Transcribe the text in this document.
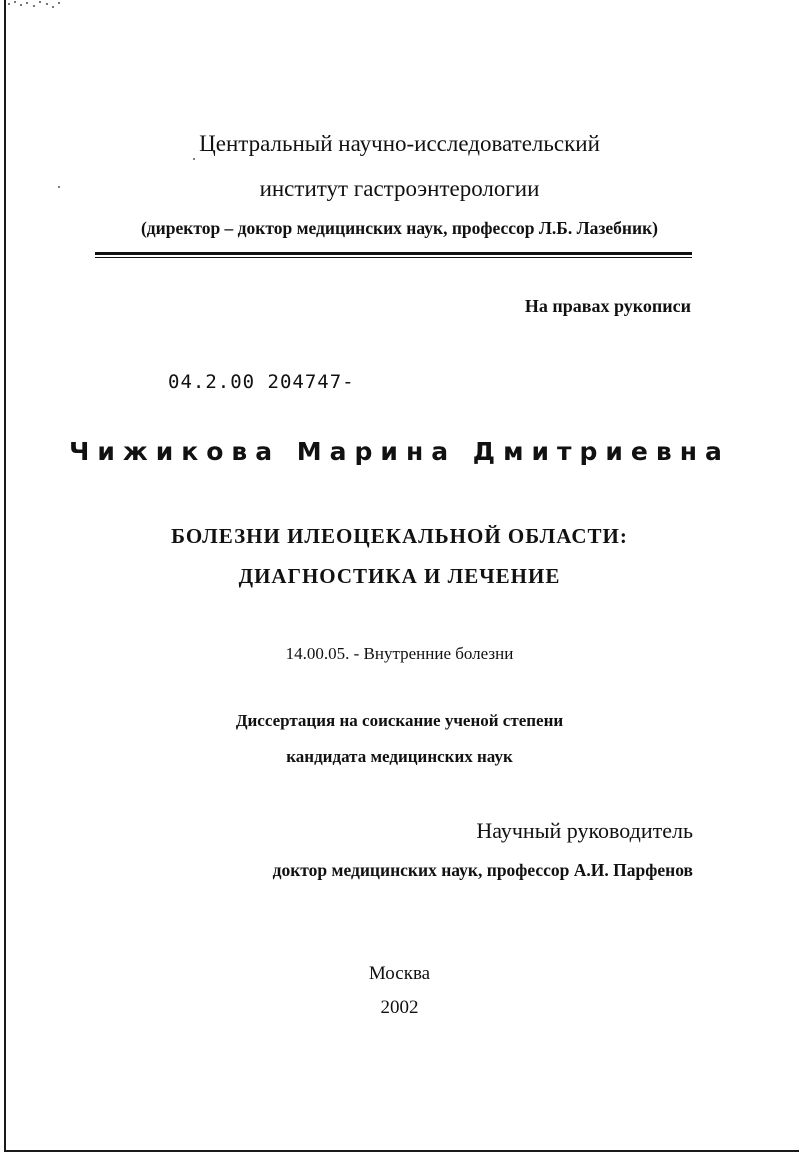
Центральный научно-исследовательский
институт гастроэнтерологии
(директор – доктор медицинских наук, профессор Л.Б. Лазебник)
На правах рукописи
04.2.00 204747-
Чижикова Марина Дмитриевна
БОЛЕЗНИ ИЛЕОЦЕКАЛЬНОЙ ОБЛАСТИ:
ДИАГНОСТИКА И ЛЕЧЕНИЕ
14.00.05. - Внутренние болезни
Диссертация на соискание ученой степени
кандидата медицинских наук
Научный руководитель
доктор медицинских наук, профессор А.И. Парфенов
Москва
2002
